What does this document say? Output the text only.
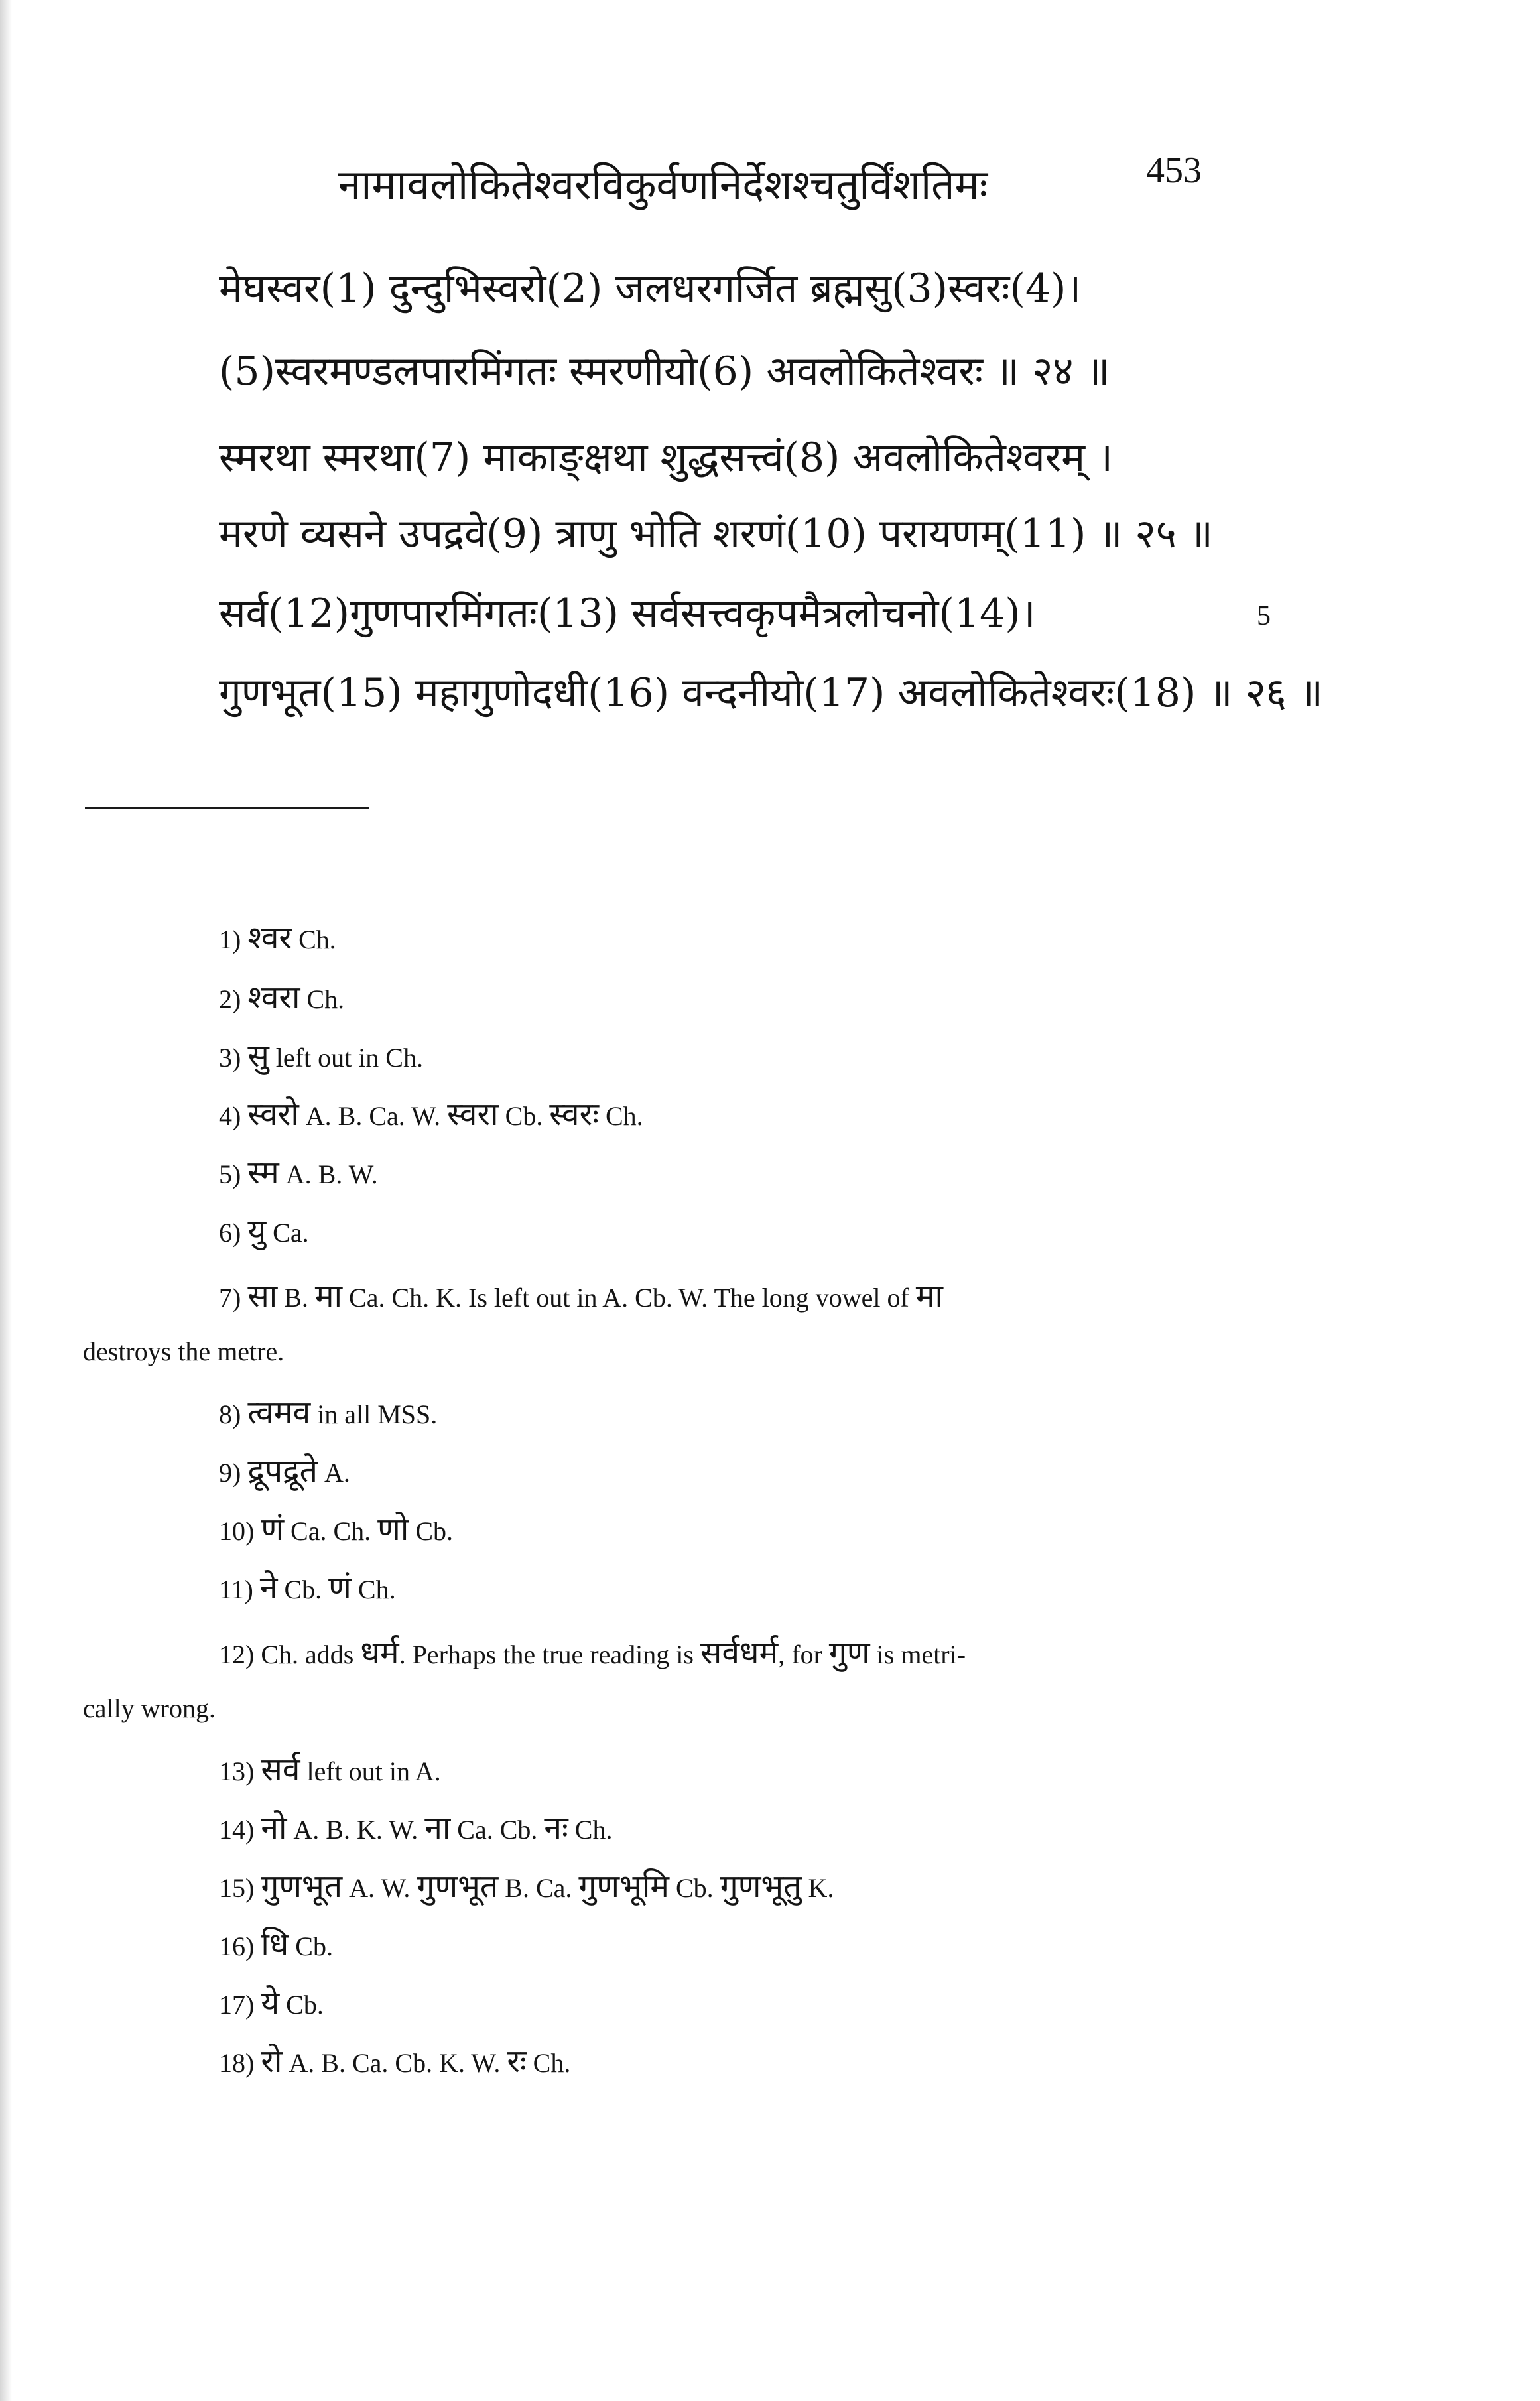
नामावलोकितेश्वरविकुर्वणनिर्देशश्चतुर्विंशतिमः	453
मेघस्वर(1) दुन्दुभिस्वरो(2) जलधरगर्जित ब्रह्मसु(3)स्वरः(4)।
(5)स्वरमण्डलपारमिंगतः स्मरणीयो(6) अवलोकितेश्वरः ॥ २४ ॥
स्मरथा स्मरथा(7) माकाङ्क्षथा शुद्धसत्त्वं(8) अवलोकितेश्वरम् ।
मरणे व्यसने उपद्रवे(9) त्राणु भोति शरणं(10) परायणम्(11) ॥ २५ ॥
सर्व(12)गुणपारमिंगतः(13) सर्वसत्त्वकृपमैत्रलोचनो(14)।
गुणभूत(15) महागुणोदधी(16) वन्दनीयो(17) अवलोकितेश्वरः(18) ॥ २६ ॥
5
1) श्वर Ch.
2) श्वरा Ch.
3) सु left out in Ch.
4) स्वरो A. B. Ca. W. स्वरा Cb. स्वरः Ch.
5) स्म A. B. W.
6) यु Ca.
7) सा B. मा Ca. Ch. K. Is left out in A. Cb. W. The long vowel of मा
destroys the metre.
8) त्वमव in all MSS.
9) द्रूपद्रूते A.
10) णं Ca. Ch. णो Cb.
11) ने Cb. णं Ch.
12) Ch. adds धर्म. Perhaps the true reading is सर्वधर्म, for गुण is metri-
cally wrong.
13) सर्व left out in A.
14) नो A. B. K. W. ना Ca. Cb. नः Ch.
15) गुणभूत A. W. गुणभूत B. Ca. गुणभूमि Cb. गुणभूतु K.
16) धि Cb.
17) ये Cb.
18) रो A. B. Ca. Cb. K. W. रः Ch.
